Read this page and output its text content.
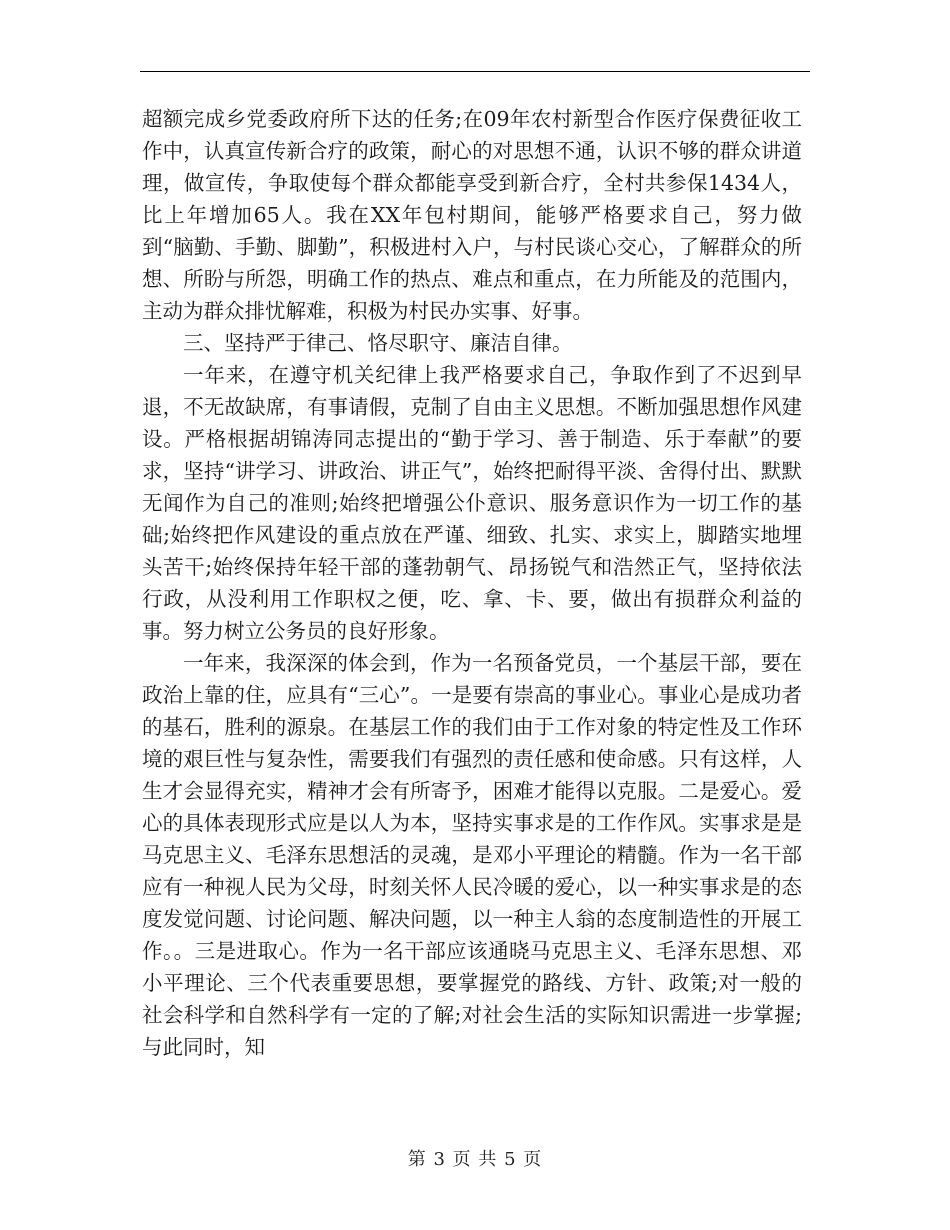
超额完成乡党委政府所下达的任务;在09年农村新型合作医疗保费征收工作中，认真宣传新合疗的政策，耐心的对思想不通，认识不够的群众讲道理，做宣传，争取使每个群众都能享受到新合疗，全村共参保1434人，比上年增加65人。我在XX年包村期间，能够严格要求自己，努力做到“脑勤、手勤、脚勤”，积极进村入户，与村民谈心交心，了解群众的所想、所盼与所怨，明确工作的热点、难点和重点，在力所能及的范围内，主动为群众排忧解难，积极为村民办实事、好事。

三、坚持严于律己、恪尽职守、廉洁自律。

一年来，在遵守机关纪律上我严格要求自己，争取作到了不迟到早退，不无故缺席，有事请假，克制了自由主义思想。不断加强思想作风建设。严格根据胡锦涛同志提出的“勤于学习、善于制造、乐于奉献”的要求，坚持“讲学习、讲政治、讲正气”，始终把耐得平淡、舍得付出、默默无闻作为自己的准则;始终把增强公仆意识、服务意识作为一切工作的基础;始终把作风建设的重点放在严谨、细致、扎实、求实上，脚踏实地埋头苦干;始终保持年轻干部的蓬勃朝气、昂扬锐气和浩然正气，坚持依法行政，从没利用工作职权之便，吃、拿、卡、要，做出有损群众利益的事。努力树立公务员的良好形象。

一年来，我深深的体会到，作为一名预备党员，一个基层干部，要在政治上靠的住，应具有“三心”。一是要有崇高的事业心。事业心是成功者的基石，胜利的源泉。在基层工作的我们由于工作对象的特定性及工作环境的艰巨性与复杂性，需要我们有强烈的责任感和使命感。只有这样，人生才会显得充实，精神才会有所寄予，困难才能得以克服。二是爱心。爱心的具体表现形式应是以人为本，坚持实事求是的工作作风。实事求是是马克思主义、毛泽东思想活的灵魂，是邓小平理论的精髓。作为一名干部应有一种视人民为父母，时刻关怀人民冷暖的爱心，以一种实事求是的态度发觉问题、讨论问题、解决问题，以一种主人翁的态度制造性的开展工作。。三是进取心。作为一名干部应该通晓马克思主义、毛泽东思想、邓小平理论、三个代表重要思想，要掌握党的路线、方针、政策;对一般的社会科学和自然科学有一定的了解;对社会生活的实际知识需进一步掌握;与此同时，知

第 3 页 共 5 页
